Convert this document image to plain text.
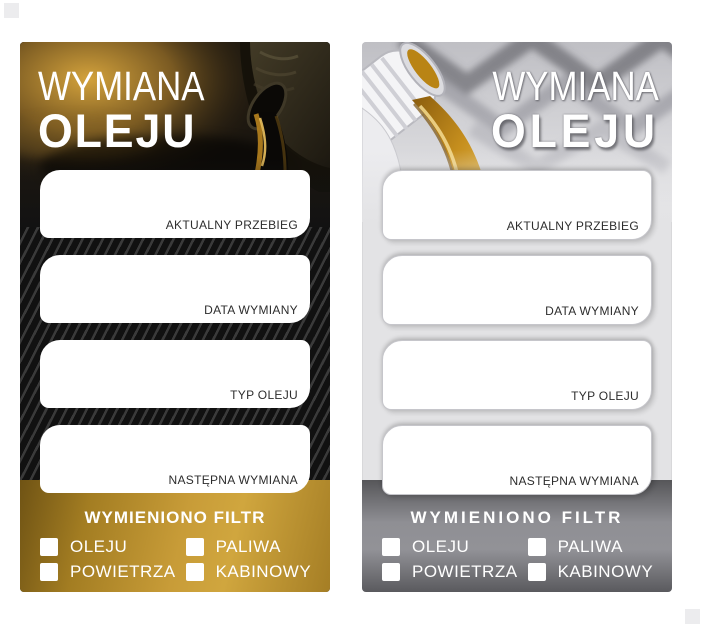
WYMIANA
OLEJU
AKTUALNY PRZEBIEG
DATA WYMIANY
TYP OLEJU
NASTĘPNA WYMIANA
WYMIENIONO FILTR
OLEJU	PALIWA
POWIETRZA KABINOWY
WYMIANA
OLEJU
AKTUALNY PRZEBIEG
DATA WYMIANY
TYP OLEJU
NASTĘPNA WYMIANA
WYMIENIONO FILTR
OLEJU	PALIWA
POWIETRZA KABINOWY
